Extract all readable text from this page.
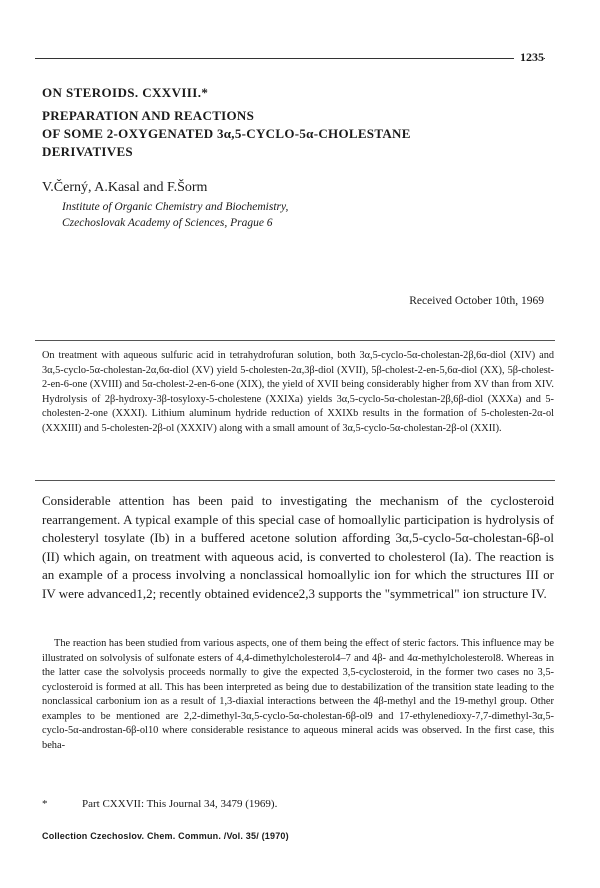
1235
ON STEROIDS. CXXVIII.*
PREPARATION AND REACTIONS
OF SOME 2-OXYGENATED 3α,5-CYCLO-5α-CHOLESTANE
DERIVATIVES
V.Černý, A.Kasal and F.Šorm
Institute of Organic Chemistry and Biochemistry,
Czechoslovak Academy of Sciences, Prague 6
Received October 10th, 1969
On treatment with aqueous sulfuric acid in tetrahydrofuran solution, both 3α,5-cyclo-5α-cholestan-2β,6α-diol (XIV) and 3α,5-cyclo-5α-cholestan-2α,6α-diol (XV) yield 5-cholesten-2α,3β-diol (XVII), 5β-cholest-2-en-5,6α-diol (XX), 5β-cholest-2-en-6-one (XVIII) and 5α-cholest-2-en-6-one (XIX), the yield of XVII being considerably higher from XV than from XIV. Hydrolysis of 2β-hydroxy-3β-tosyloxy-5-cholestene (XXIXa) yields 3α,5-cyclo-5α-cholestan-2β,6β-diol (XXXa) and 5-cholesten-2-one (XXXI). Lithium aluminum hydride reduction of XXIXb results in the formation of 5-cholesten-2α-ol (XXXIII) and 5-cholesten-2β-ol (XXXIV) along with a small amount of 3α,5-cyclo-5α-cholestan-2β-ol (XXII).
Considerable attention has been paid to investigating the mechanism of the cyclosteroid rearrangement. A typical example of this special case of homoallylic participation is hydrolysis of cholesteryl tosylate (Ib) in a buffered acetone solution affording 3α,5-cyclo-5α-cholestan-6β-ol (II) which again, on treatment with aqueous acid, is converted to cholesterol (Ia). The reaction is an example of a process involving a nonclassical homoallylic ion for which the structures III or IV were advanced1,2; recently obtained evidence2,3 supports the "symmetrical" ion structure IV.
The reaction has been studied from various aspects, one of them being the effect of steric factors. This influence may be illustrated on solvolysis of sulfonate esters of 4,4-dimethylcholesterol4–7 and 4β- and 4α-methylcholesterol8. Whereas in the latter case the solvolysis proceeds normally to give the expected 3,5-cyclosteroid, in the former two cases no 3,5-cyclosteroid is formed at all. This has been interpreted as being due to destabilization of the transition state leading to the nonclassical carbonium ion as a result of 1,3-diaxial interactions between the 4β-methyl and the 19-methyl group. Other examples to be mentioned are 2,2-dimethyl-3α,5-cyclo-5α-cholestan-6β-ol9 and 17-ethylenedioxy-7,7-dimethyl-3α,5-cyclo-5α-androstan-6β-ol10 where considerable resistance to aqueous mineral acids was observed. In the first case, this beha-
*	Part CXXVII: This Journal 34, 3479 (1969).
Collection Czechoslov. Chem. Commun. /Vol. 35/ (1970)
